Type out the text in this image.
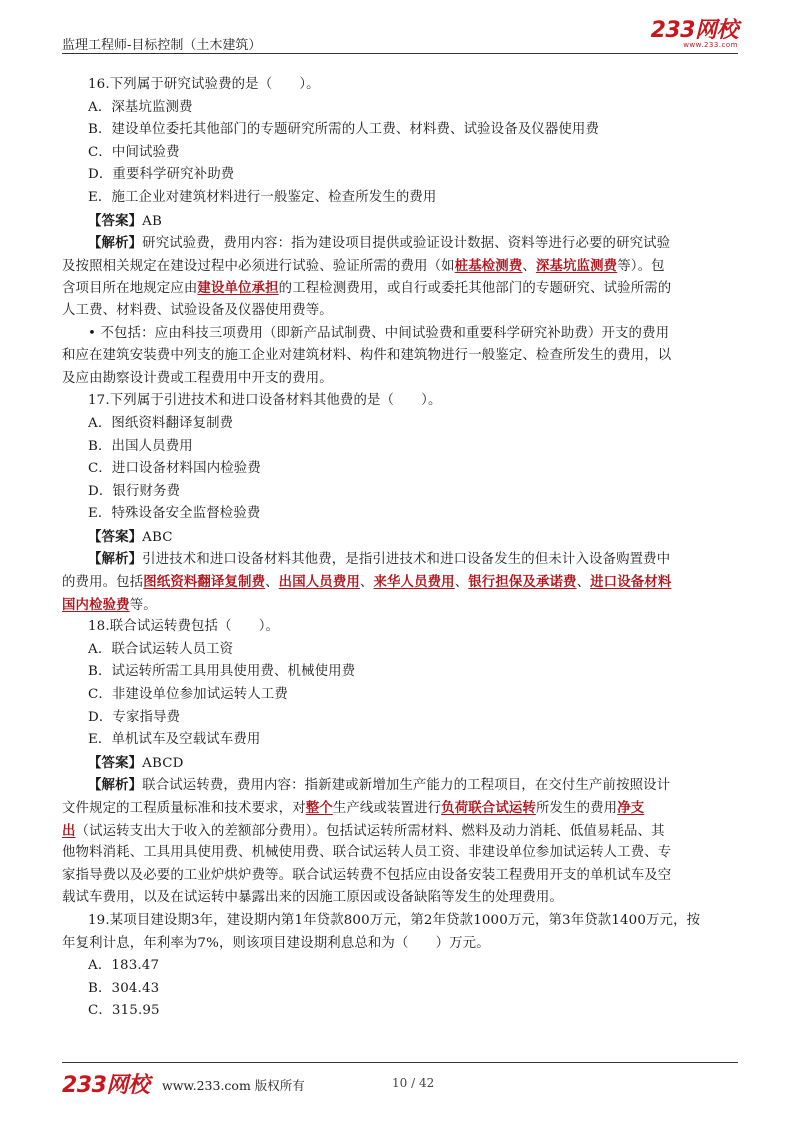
监理工程师-目标控制（土木建筑）
233网校
www.233.com
16.下列属于研究试验费的是（　　）。
A．深基坑监测费
B．建设单位委托其他部门的专题研究所需的人工费、材料费、试验设备及仪器使用费
C．中间试验费
D．重要科学研究补助费
E．施工企业对建筑材料进行一般鉴定、检查所发生的费用
【答案】AB
【解析】研究试验费，费用内容：指为建设项目提供或验证设计数据、资料等进行必要的研究试验
及按照相关规定在建设过程中必须进行试验、验证所需的费用（如桩基检测费、深基坑监测费等）。包
含项目所在地规定应由建设单位承担的工程检测费用，或自行或委托其他部门的专题研究、试验所需的
人工费、材料费、试验设备及仪器使用费等。
• 不包括：应由科技三项费用（即新产品试制费、中间试验费和重要科学研究补助费）开支的费用
和应在建筑安装费中列支的施工企业对建筑材料、构件和建筑物进行一般鉴定、检查所发生的费用，以
及应由勘察设计费或工程费用中开支的费用。
17.下列属于引进技术和进口设备材料其他费的是（　　）。
A．图纸资料翻译复制费
B．出国人员费用
C．进口设备材料国内检验费
D．银行财务费
E．特殊设备安全监督检验费
【答案】ABC
【解析】引进技术和进口设备材料其他费，是指引进技术和进口设备发生的但未计入设备购置费中
的费用。包括图纸资料翻译复制费、出国人员费用、来华人员费用、银行担保及承诺费、进口设备材料
国内检验费等。
18.联合试运转费包括（　　）。
A．联合试运转人员工资
B．试运转所需工具用具使用费、机械使用费
C．非建设单位参加试运转人工费
D．专家指导费
E．单机试车及空载试车费用
【答案】ABCD
【解析】联合试运转费，费用内容：指新建或新增加生产能力的工程项目，在交付生产前按照设计
文件规定的工程质量标准和技术要求，对整个生产线或装置进行负荷联合试运转所发生的费用净支
出（试运转支出大于收入的差额部分费用）。包括试运转所需材料、燃料及动力消耗、低值易耗品、其
他物料消耗、工具用具使用费、机械使用费、联合试运转人员工资、非建设单位参加试运转人工费、专
家指导费以及必要的工业炉烘炉费等。联合试运转费不包括应由设备安装工程费用开支的单机试车及空
载试车费用，以及在试运转中暴露出来的因施工原因或设备缺陷等发生的处理费用。
19.某项目建设期3年，建设期内第1年贷款800万元，第2年贷款1000万元，第3年贷款1400万元，按
年复利计息，年利率为7%，则该项目建设期利息总和为（　　）万元。
A．183.47
B．304.43
C．315.95
233网校 www.233.com 版权所有	10 / 42
